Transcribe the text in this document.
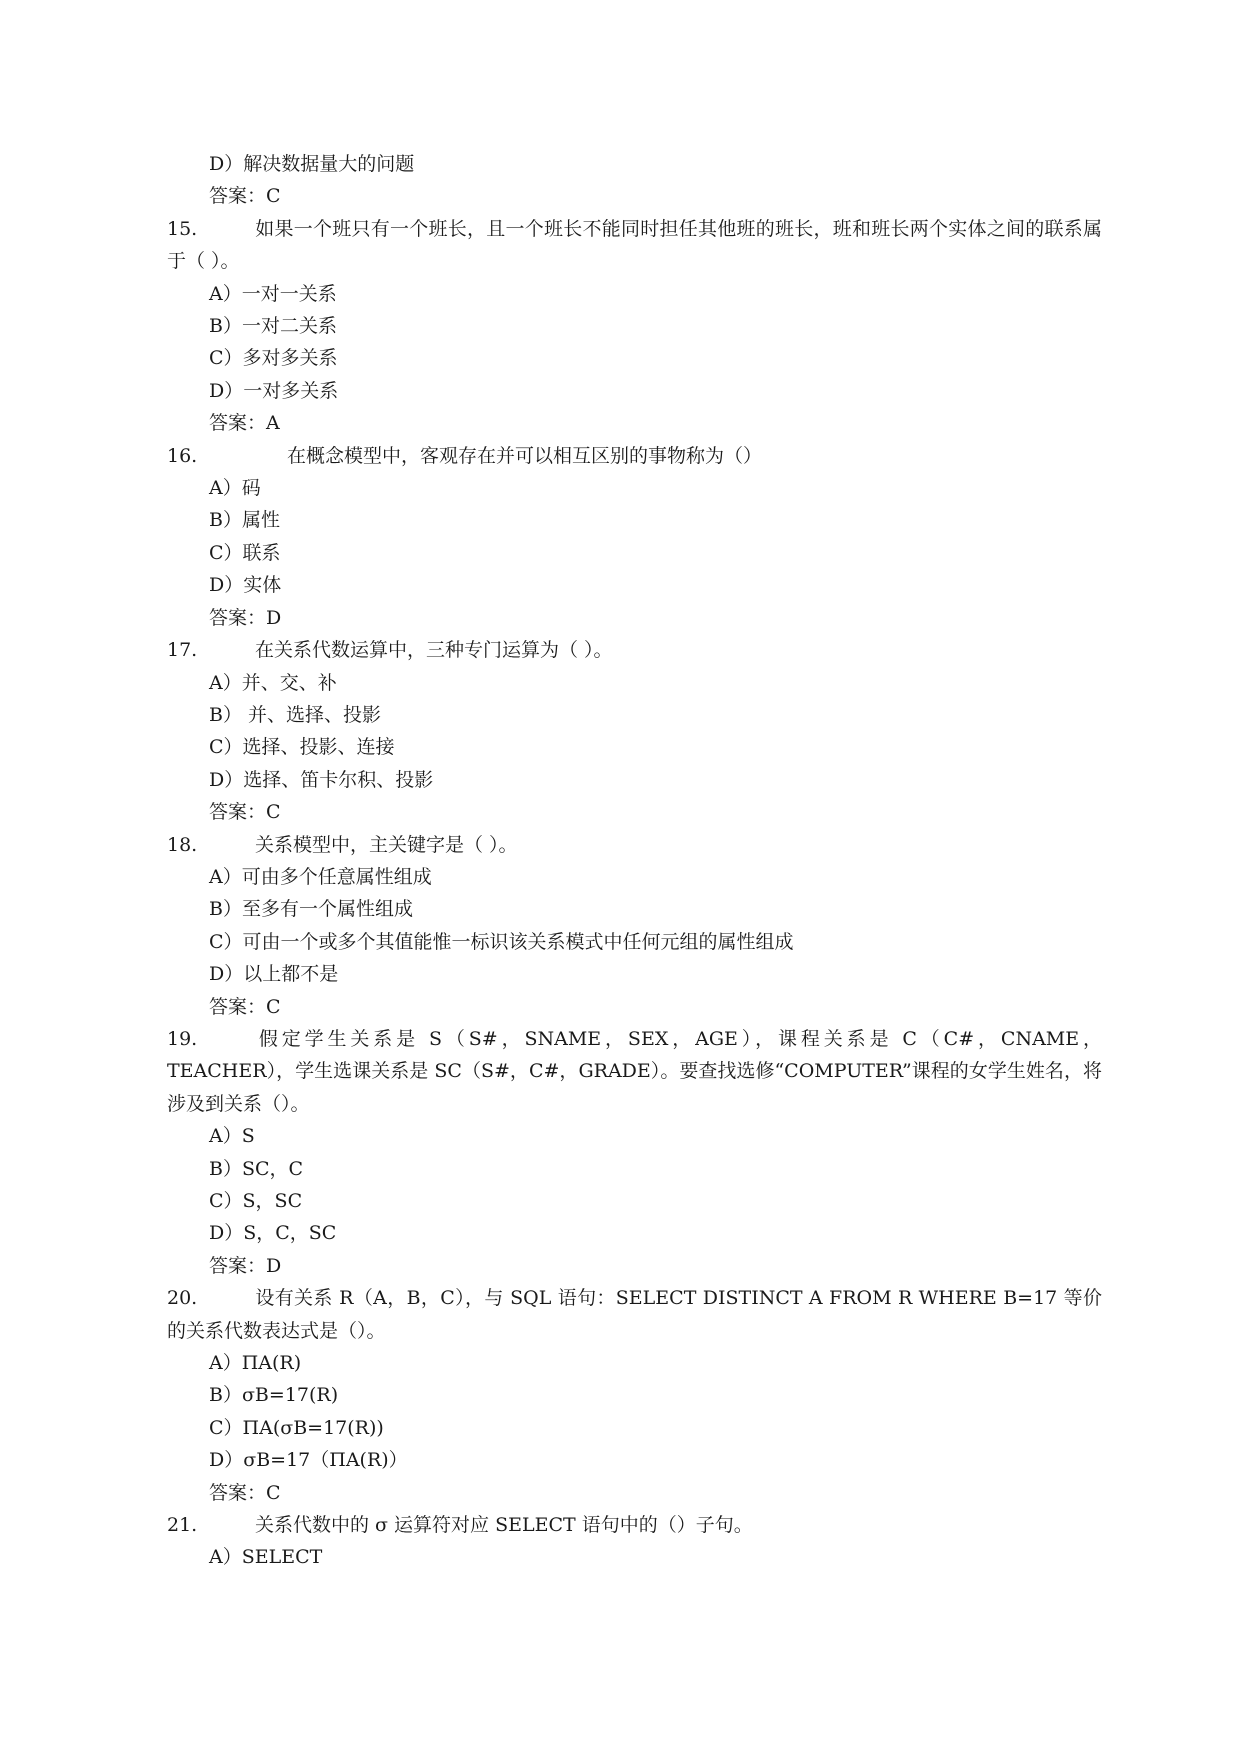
D）解决数据量大的问题
答案：C
15.	如果一个班只有一个班长，且一个班长不能同时担任其他班的班长，班和班长两个实体之间的联系属于（ ）。
A）一对一关系
B）一对二关系
C）多对多关系
D）一对多关系
答案：A
16.	在概念模型中，客观存在并可以相互区别的事物称为（）
A）码
B）属性
C）联系
D）实体
答案：D
17.	在关系代数运算中，三种专门运算为（ ）。
A）并、交、补
B） 并、选择、投影
C）选择、投影、连接
D）选择、笛卡尔积、投影
答案：C
18.	关系模型中，主关键字是（ ）。
A）可由多个任意属性组成
B）至多有一个属性组成
C）可由一个或多个其值能惟一标识该关系模式中任何元组的属性组成
D）以上都不是
答案：C
19.	假定学生关系是 S（S#，SNAME，SEX，AGE），课程关系是 C（C#，CNAME，TEACHER），学生选课关系是 SC（S#，C#，GRADE）。要查找选修“COMPUTER”课程的女学生姓名，将涉及到关系（）。
A）S
B）SC，C
C）S，SC
D）S，C，SC
答案：D
20.	设有关系 R（A，B，C），与 SQL 语句：SELECT DISTINCT A FROM R WHERE B=17 等价的关系代数表达式是（）。
A）ΠA(R)
B）σB=17(R)
C）ΠA(σB=17(R))
D）σB=17（ΠA(R)）
答案：C
21.	关系代数中的 σ 运算符对应 SELECT 语句中的（）子句。
A）SELECT
